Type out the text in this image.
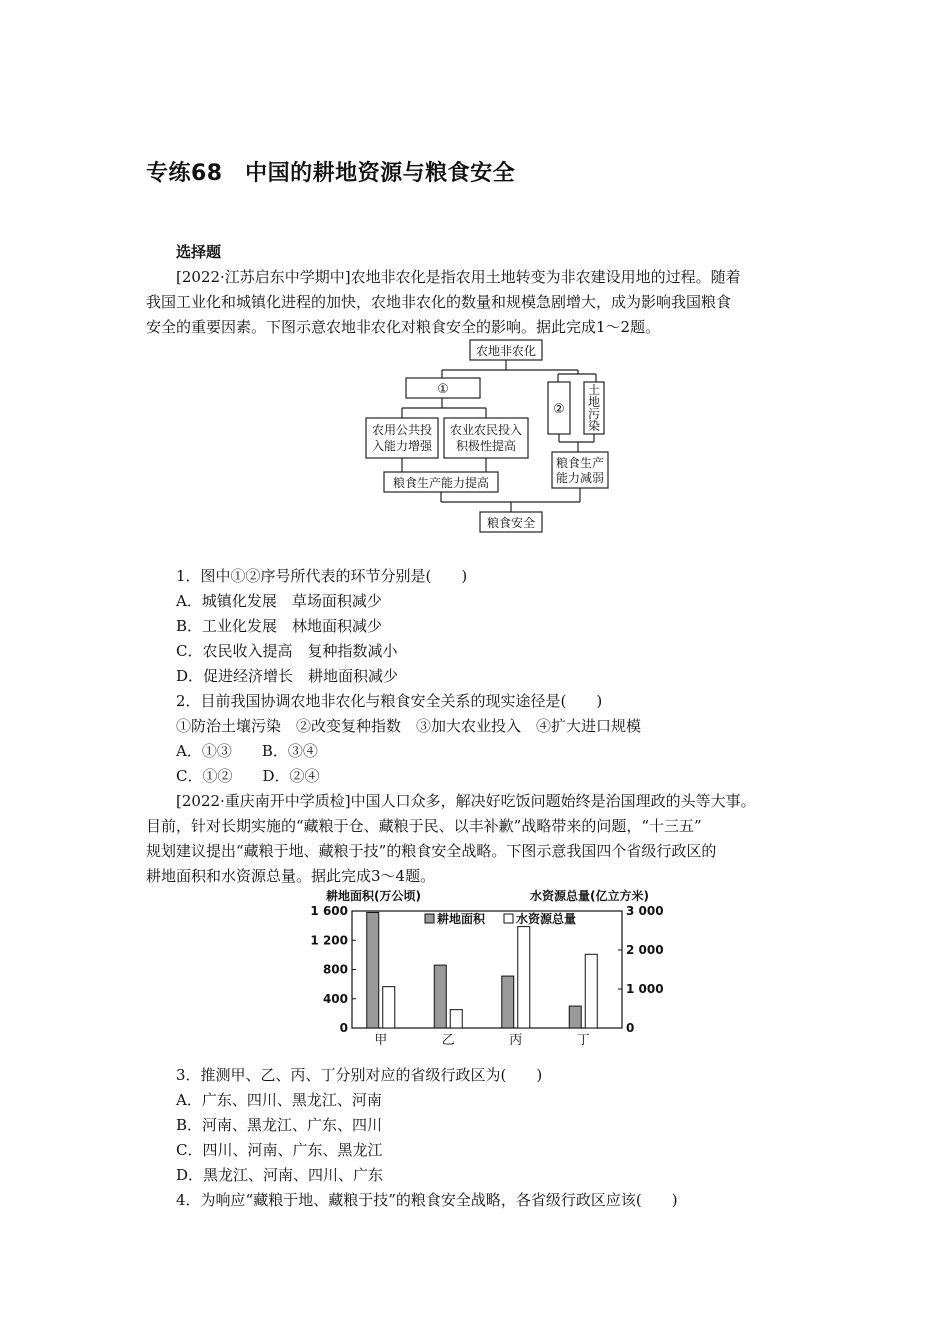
专练68　中国的耕地资源与粮食安全
选择题
[2022·江苏启东中学期中]农地非农化是指农用土地转变为非农建设用地的过程。随着
我国工业化和城镇化进程的加快，农地非农化的数量和规模急剧增大，成为影响我国粮食
安全的重要因素。下图示意农地非农化对粮食安全的影响。据此完成1～2题。
农地非农化
①
②
土
地
污
染
农用公共投
入能力增强
农业农民投入
积极性提高
粮食生产
能力减弱
粮食生产能力提高
粮食安全
1．图中①②序号所代表的环节分别是(　　)
A．城镇化发展　草场面积减少
B．工业化发展　林地面积减少
C．农民收入提高　复种指数减小
D．促进经济增长　耕地面积减少
2．目前我国协调农地非农化与粮食安全关系的现实途径是(　　)
①防治土壤污染　②改变复种指数　③加大农业投入　④扩大进口规模
A．①③　　B．③④
C．①②　　D．②④
[2022·重庆南开中学质检]中国人口众多，解决好吃饭问题始终是治国理政的头等大事。
目前，针对长期实施的“藏粮于仓、藏粮于民、以丰补歉”战略带来的问题，“十三五”
规划建议提出“藏粮于地、藏粮于技”的粮食安全战略。下图示意我国四个省级行政区的
耕地面积和水资源总量。据此完成3～4题。
耕地面积(万公顷)	水资源总量(亿立方米)
0
400
800
1 200
1 600
0
1 000
2 000
3 000
甲	乙	丙	丁
耕地面积	水资源总量
3．推测甲、乙、丙、丁分别对应的省级行政区为(　　)
A．广东、四川、黑龙江、河南
B．河南、黑龙江、广东、四川
C．四川、河南、广东、黑龙江
D．黑龙江、河南、四川、广东
4．为响应“藏粮于地、藏粮于技”的粮食安全战略，各省级行政区应该(　　)
